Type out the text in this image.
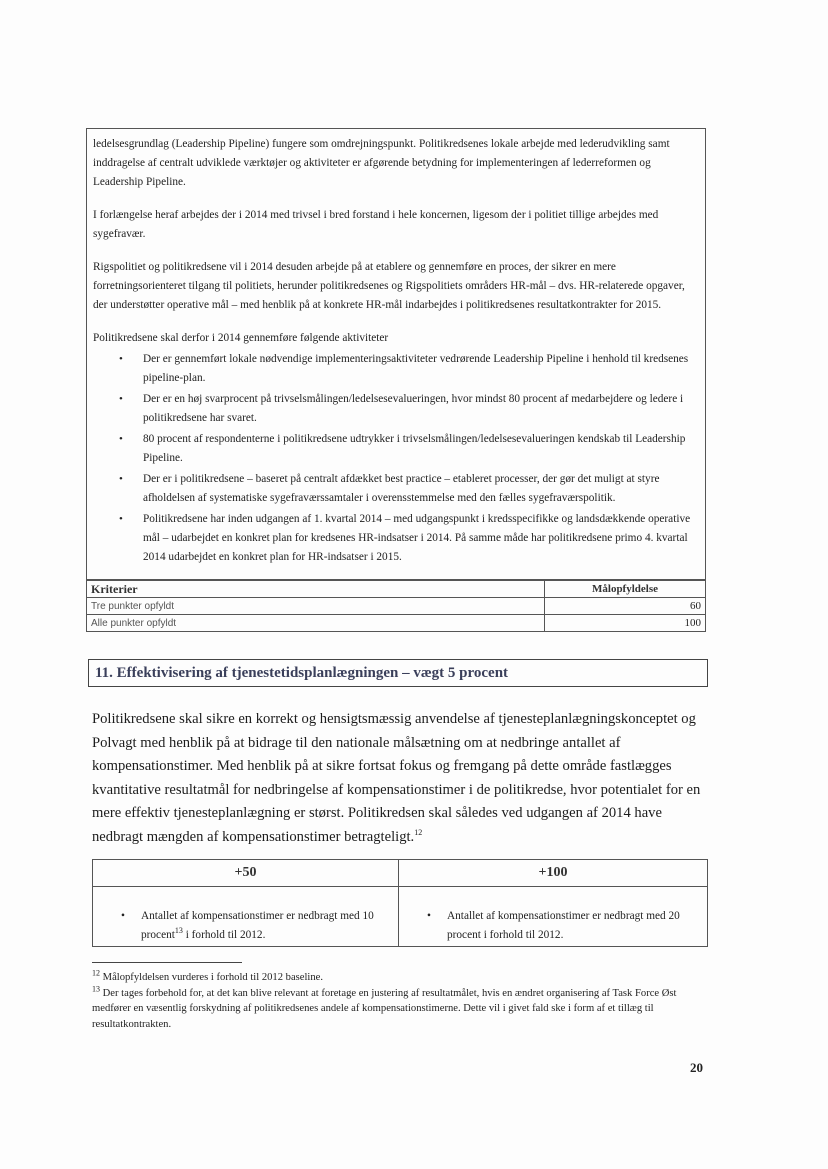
ledelsesgrundlag (Leadership Pipeline) fungere som omdrejningspunkt. Politikredsenes lokale arbejde med lederudvikling samt inddragelse af centralt udviklede værktøjer og aktiviteter er afgørende betydning for implementeringen af lederreformen og Leadership Pipeline.

I forlængelse heraf arbejdes der i 2014 med trivsel i bred forstand i hele koncernen, ligesom der i politiet tillige arbejdes med sygefravær.

Rigspolitiet og politikredsene vil i 2014 desuden arbejde på at etablere og gennemføre en proces, der sikrer en mere forretningsorienteret tilgang til politiets, herunder politikredsenes og Rigspolitiets områders HR-mål – dvs. HR-relaterede opgaver, der understøtter operative mål – med henblik på at konkrete HR-mål indarbejdes i politikredsenes resultatkontrakter for 2015.

Politikredsene skal derfor i 2014 gennemføre følgende aktiviteter
• Der er gennemført lokale nødvendige implementeringsaktiviteter vedrørende Leadership Pipeline i henhold til kredsenes pipeline-plan.
• Der er en høj svarprocent på trivselsmålingen/ledelsesevalueringen, hvor mindst 80 procent af medarbejdere og ledere i politikredsene har svaret.
• 80 procent af respondenterne i politikredsene udtrykker i trivselsmålingen/ledelsesevalueringen kendskab til Leadership Pipeline.
• Der er i politikredsene – baseret på centralt afdækket best practice – etableret processer, der gør det muligt at styre afholdelsen af systematiske sygefraværssamtaler i overensstemmelse med den fælles sygefraværspolitik.
• Politikredsene har inden udgangen af 1. kvartal 2014 – med udgangspunkt i kredsspecifikke og landsdækkende operative mål – udarbejdet en konkret plan for kredsenes HR-indsatser i 2014. På samme måde har politikredsene primo 4. kvartal 2014 udarbejdet en konkret plan for HR-indsatser i 2015.
Kriterier	Målopfyldelse
Tre punkter opfyldt	60
Alle punkter opfyldt	100
11. Effektivisering af tjenestetidsplanlægningen – vægt 5 procent
Politikredsene skal sikre en korrekt og hensigtsmæssig anvendelse af tjenesteplanlægningskonceptet og Polvagt med henblik på at bidrage til den nationale målsætning om at nedbringe antallet af kompensationstimer. Med henblik på at sikre fortsat fokus og fremgang på dette område fastlægges kvantitative resultatmål for nedbringelse af kompensationstimer i de politikredse, hvor potentialet for en mere effektiv tjenesteplanlægning er størst. Politikredsen skal således ved udgangen af 2014 have nedbragt mængden af kompensationstimer betragteligt.$^{12}$
+50	+100

• Antallet af kompensationstimer er nedbragt med 10 procent$^{13}$ i forhold til 2012.	• Antallet af kompensationstimer er nedbragt med 20 procent i forhold til 2012.
$^{12}$ Målopfyldelsen vurderes i forhold til 2012 baseline.
$^{13}$ Der tages forbehold for, at det kan blive relevant at foretage en justering af resultatmålet, hvis en ændret organisering af Task Force Øst medfører en væsentlig forskydning af politikredsenes andele af kompensationstimerne. Dette vil i givet fald ske i form af et tillæg til resultatkontrakten.
20
